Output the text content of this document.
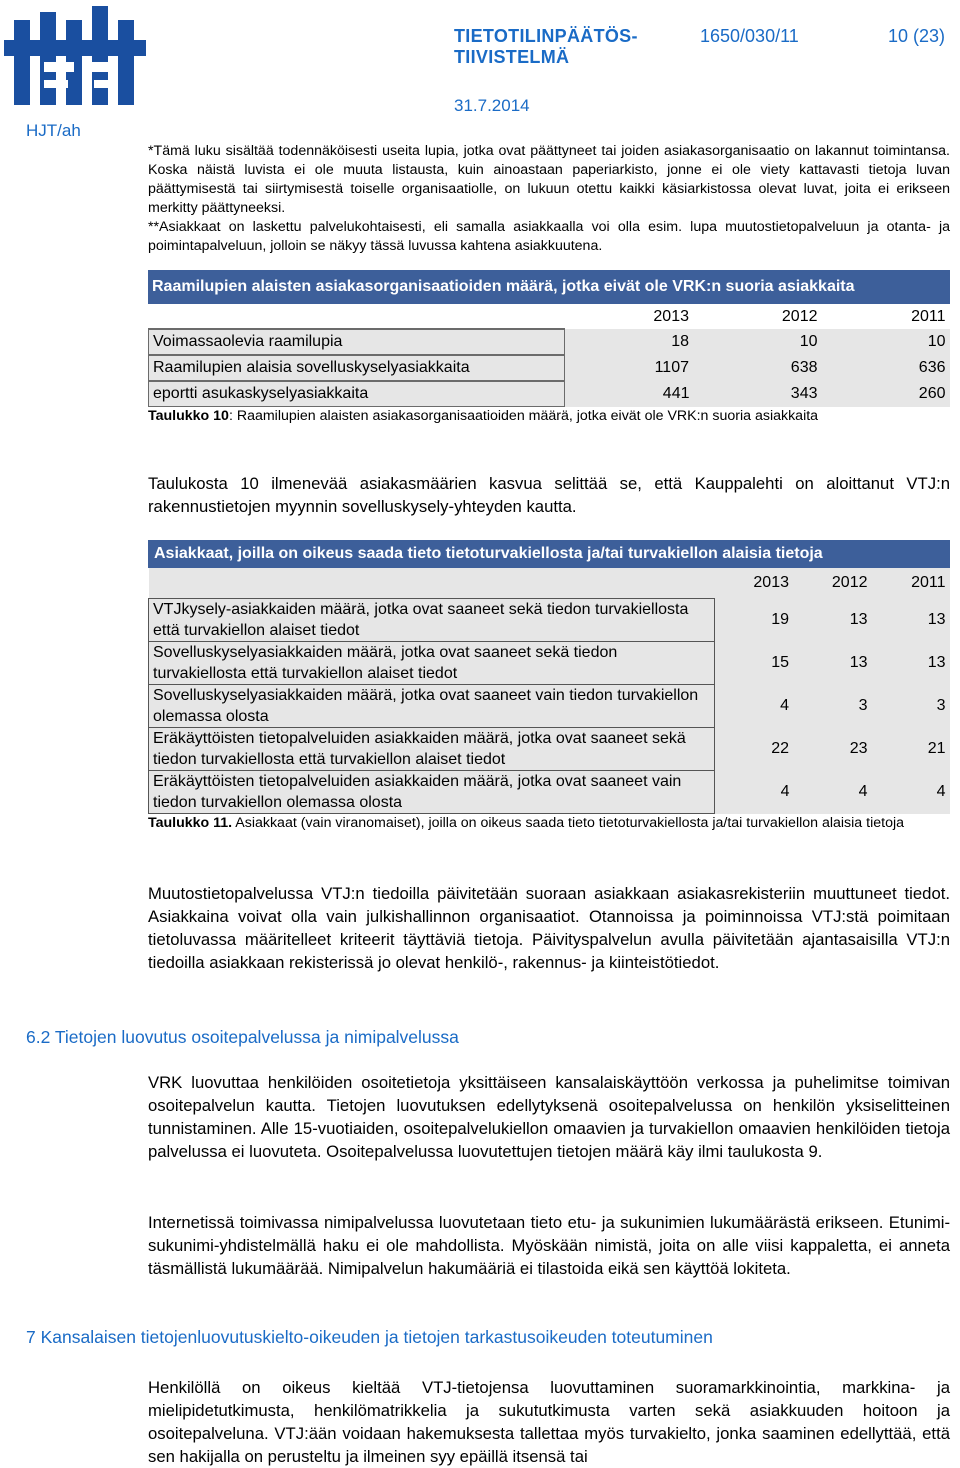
HJT/ah
TIETOTILINPÄÄTÖS-
TIIVISTELMÄ
1650/030/11	10 (23)
31.7.2014

*Tämä luku sisältää todennäköisesti useita lupia, jotka ovat päättyneet tai joiden asiakasorganisaatio on lakannut toimintansa. Koska näistä luvista ei ole muuta listausta, kuin ainoastaan paperiarkisto, jonne ei ole viety kattavasti tietoja luvan päättymisestä tai siirtymisestä toiselle organisaatiolle, on lukuun otettu kaikki käsiarkistossa olevat luvat, joita ei erikseen merkitty päättyneeksi.

**Asiakkaat on laskettu palvelukohtaisesti, eli samalla asiakkaalla voi olla esim. lupa muutostietopalveluun ja otanta- ja poimintapalveluun, jolloin se näkyy tässä luvussa kahtena asiakkuutena.

Raamilupien alaisten asiakasorganisaatioiden määrä, jotka eivät ole VRK:n suoria asiakkaita
	2013	2012	2011
Voimassaolevia raamilupia	18	10	10
Raamilupien alaisia sovelluskyselyasiakkaita	1107	638	636
eportti asukaskyselyasiakkaita	441	343	260
Taulukko 10: Raamilupien alaisten asiakasorganisaatioiden määrä, jotka eivät ole VRK:n suoria asiakkaita

Taulukosta 10 ilmenevää asiakasmäärien kasvua selittää se, että Kauppalehti on aloittanut VTJ:n rakennustietojen myynnin sovelluskysely-yhteyden kautta.

Asiakkaat, joilla on oikeus saada tieto tietoturvakiellosta ja/tai turvakiellon alaisia tietoja
	2013	2012	2011
VTJkysely-asiakkaiden määrä, jotka ovat saaneet sekä tiedon turvakiellosta että turvakiellon alaiset tiedot	19	13	13
Sovelluskyselyasiakkaiden määrä, jotka ovat saaneet sekä tiedon turvakiellosta että turvakiellon alaiset tiedot	15	13	13
Sovelluskyselyasiakkaiden määrä, jotka ovat saaneet vain tiedon turvakiellon olemassa olosta	4	3	3
Eräkäyttöisten tietopalveluiden asiakkaiden määrä, jotka ovat saaneet sekä tiedon turvakiellosta että turvakiellon alaiset tiedot	22	23	21
Eräkäyttöisten tietopalveluiden asiakkaiden määrä, jotka ovat saaneet vain tiedon turvakiellon olemassa olosta	4	4	4
Taulukko 11. Asiakkaat (vain viranomaiset), joilla on oikeus saada tieto tietoturvakiellosta ja/tai turvakiellon alaisia tietoja

Muutostietopalvelussa VTJ:n tiedoilla päivitetään suoraan asiakkaan asiakasrekisteriin muuttuneet tiedot. Asiakkaina voivat olla vain julkishallinnon organisaatiot. Otannoissa ja poiminnoissa VTJ:stä poimitaan tietoluvassa määritelleet kriteerit täyttäviä tietoja. Päivityspalvelun avulla päivitetään ajantasaisilla VTJ:n tiedoilla asiakkaan rekisterissä jo olevat henkilö-, rakennus- ja kiinteistötiedot.

6.2 Tietojen luovutus osoitepalvelussa ja nimipalvelussa

VRK luovuttaa henkilöiden osoitetietoja yksittäiseen kansalaiskäyttöön verkossa ja puhelimitse toimivan osoitepalvelun kautta. Tietojen luovutuksen edellytyksenä osoitepalvelussa on henkilön yksiselitteinen tunnistaminen. Alle 15-vuotiaiden, osoitepalvelukiellon omaavien ja turvakiellon omaavien henkilöiden tietoja palvelussa ei luovuteta. Osoitepalvelussa luovutettujen tietojen määrä käy ilmi taulukosta 9.

Internetissä toimivassa nimipalvelussa luovutetaan tieto etu- ja sukunimien lukumäärästä erikseen. Etunimi-sukunimi-yhdistelmällä haku ei ole mahdollista. Myöskään nimistä, joita on alle viisi kappaletta, ei anneta täsmällistä lukumäärää. Nimipalvelun hakumääriä ei tilastoida eikä sen käyttöä lokiteta.

7 Kansalaisen tietojenluovutuskielto-oikeuden ja tietojen tarkastusoikeuden toteutuminen

Henkilöllä on oikeus kieltää VTJ-tietojensa luovuttaminen suoramarkkinointia, markkina- ja mielipidetutkimusta, henkilömatrikkelia ja sukututkimusta varten sekä asiakkuuden hoitoon ja osoitepalveluna. VTJ:ään voidaan hakemuksesta tallettaa myös turvakielto, jonka saaminen edellyttää, että sen hakijalla on perusteltu ja ilmeinen syy epäillä itsensä tai
